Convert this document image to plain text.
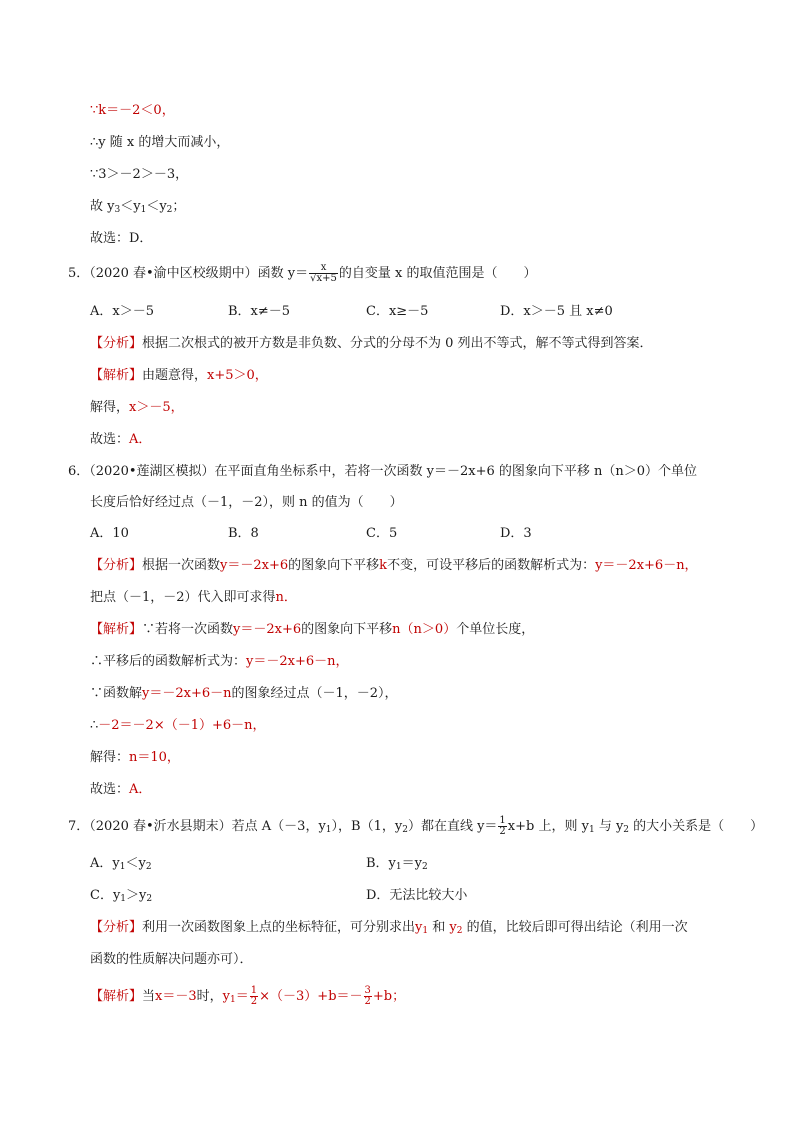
∵k＝－2＜0，
∴y 随 x 的增大而减小，
∵3＞－2＞－3，
故 $y_3<y_1<y_2$；
故选：D．
5．（2020 春•渝中区校级期中）函数 $y= \frac{x}{√x+5}$ 的自变量 x 的取值范围是（　　）
A．x＞－5	B．x≠－5	C．x≥－5	D．x＞－5 且 x≠0
【分析】根据二次根式的被开方数是非负数、分式的分母不为 0 列出不等式，解不等式得到答案．
【解析】由题意得，x+5＞0，
解得，x＞－5，
故选：A．
6．（2020•莲湖区模拟）在平面直角坐标系中，若将一次函数 y＝－2x+6 的图象向下平移 n（n＞0）个单位
长度后恰好经过点（－1，－2），则 n 的值为（　　）
A．10	B．8	C．5	D．3
【分析】根据一次函数y＝－2x+6的图象向下平移k不变，可设平移后的函数解析式为：y＝－2x+6－n，
把点（－1，－2）代入即可求得n．
【解析】∵若将一次函数y＝－2x+6的图象向下平移n（n＞0）个单位长度，
∴平移后的函数解析式为：y＝－2x+6－n，
∵函数解y＝－2x+6－n的图象经过点（－1，－2），
∴－2＝－2×（－1）+6－n，
解得：n＝10，
故选：A．
7．（2020 春•沂水县期末）若点 A（－3，$y_1$），B（1，$y_2$）都在直线 $y= \frac{1}{2} x+b$ 上，则 $y_1$ 与 $y_2$ 的大小关系是（　　）
A．$y_1<y_2$	B．$y_1=y_2$
C．$y_1>y_2$	D．无法比较大小
【分析】利用一次函数图象上点的坐标特征，可分别求出$y_1$ 和 $y_2$ 的值，比较后即可得出结论（利用一次
函数的性质解决问题亦可）．
【解析】当x＝－3时，$y_1= \frac{1}{2} \times(-3)+b=- \frac{3}{2} +b$；
